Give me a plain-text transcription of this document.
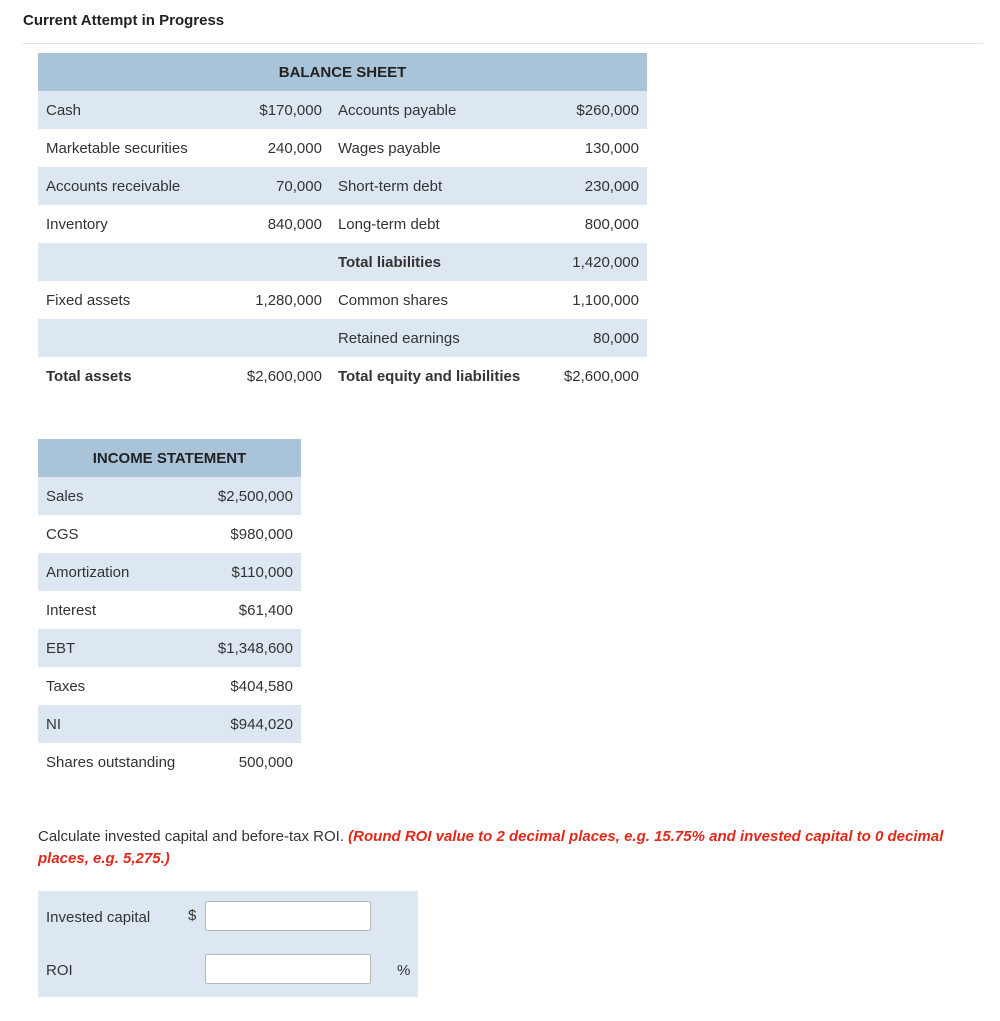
Current Attempt in Progress
BALANCE SHEET			
Cash	$170,000	Accounts payable	$260,000
Marketable securities	240,000	Wages payable	130,000
Accounts receivable	70,000	Short-term debt	230,000
Inventory	840,000	Long-term debt	800,000
		Total liabilities	1,420,000
Fixed assets	1,280,000	Common shares	1,100,000
		Retained earnings	80,000
Total assets	$2,600,000	Total equity and liabilities	$2,600,000
INCOME STATEMENT	
Sales	$2,500,000
CGS	$980,000
Amortization	$110,000
Interest	$61,400
EBT	$1,348,600
Taxes	$404,580
NI	$944,020
Shares outstanding	500,000
Calculate invested capital and before-tax ROI. (Round ROI value to 2 decimal places, e.g. 15.75% and invested capital to 0 decimal places, e.g. 5,275.)
Invested capital	$
ROI	%
